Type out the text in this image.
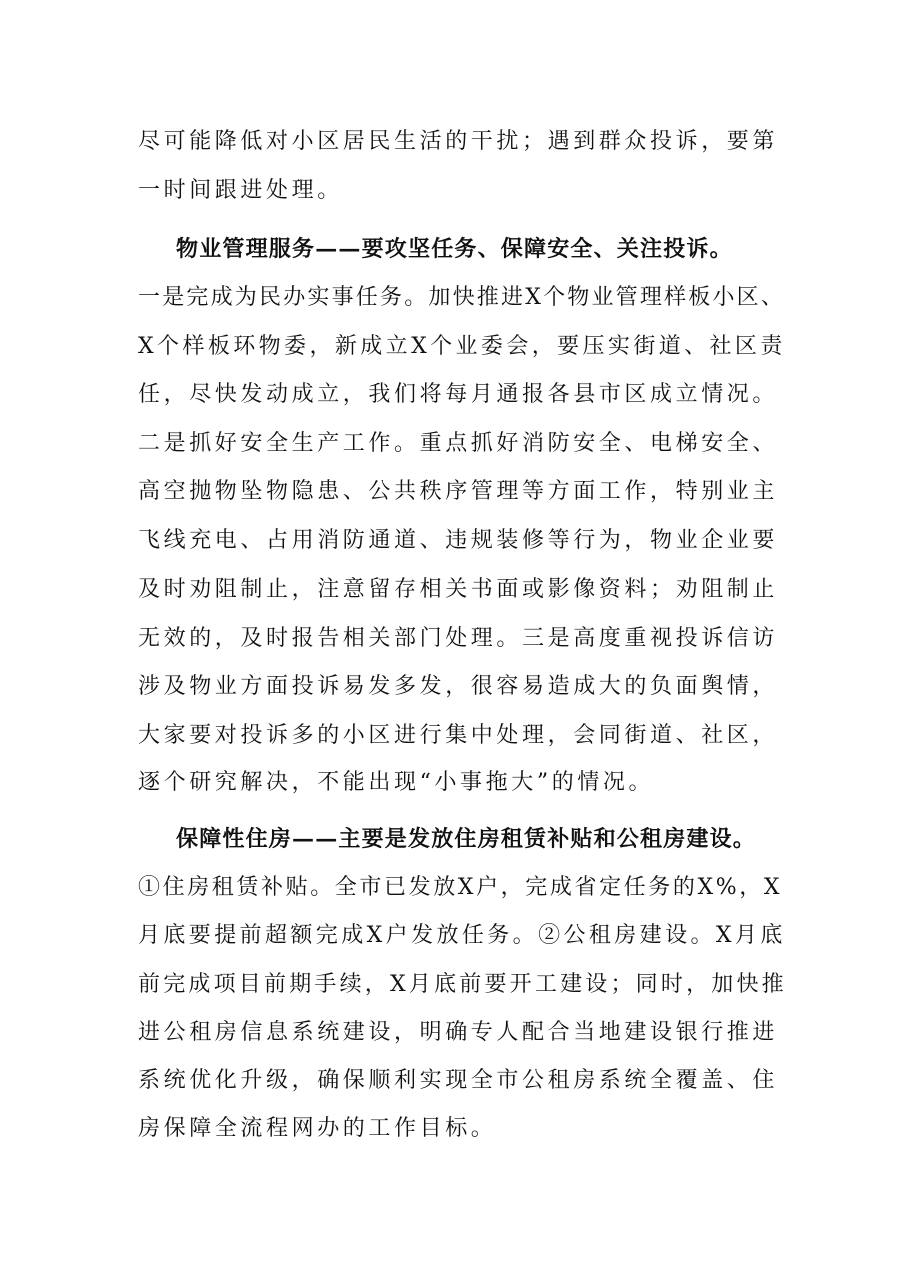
尽可能降低对小区居民生活的干扰；遇到群众投诉，要第
一时间跟进处理。
物业管理服务——要攻坚任务、保障安全、关注投诉。
一是完成为民办实事任务。加快推进X个物业管理样板小区、
X个样板环物委，新成立X个业委会，要压实街道、社区责
任，尽快发动成立，我们将每月通报各县市区成立情况。
二是抓好安全生产工作。重点抓好消防安全、电梯安全、
高空抛物坠物隐患、公共秩序管理等方面工作，特别业主
飞线充电、占用消防通道、违规装修等行为，物业企业要
及时劝阻制止，注意留存相关书面或影像资料；劝阻制止
无效的，及时报告相关部门处理。三是高度重视投诉信访
涉及物业方面投诉易发多发，很容易造成大的负面舆情，
大家要对投诉多的小区进行集中处理，会同街道、社区，
逐个研究解决，不能出现“小事拖大”的情况。
保障性住房——主要是发放住房租赁补贴和公租房建设。
①住房租赁补贴。全市已发放X户，完成省定任务的X%，X
月底要提前超额完成X户发放任务。②公租房建设。X月底
前完成项目前期手续，X月底前要开工建设；同时，加快推
进公租房信息系统建设，明确专人配合当地建设银行推进
系统优化升级，确保顺利实现全市公租房系统全覆盖、住
房保障全流程网办的工作目标。
